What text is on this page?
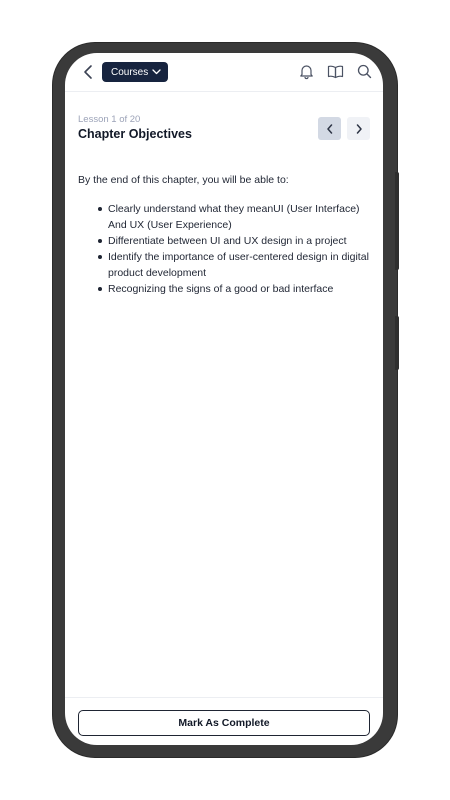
Courses
Lesson 1 of 20
Chapter Objectives
By the end of this chapter, you will be able to:
Clearly understand what they meanUI (User Interface) And UX (User Experience)
Differentiate between UI and UX design in a project
Identify the importance of user-centered design in digital product development
Recognizing the signs of a good or bad interface
Mark As Complete
